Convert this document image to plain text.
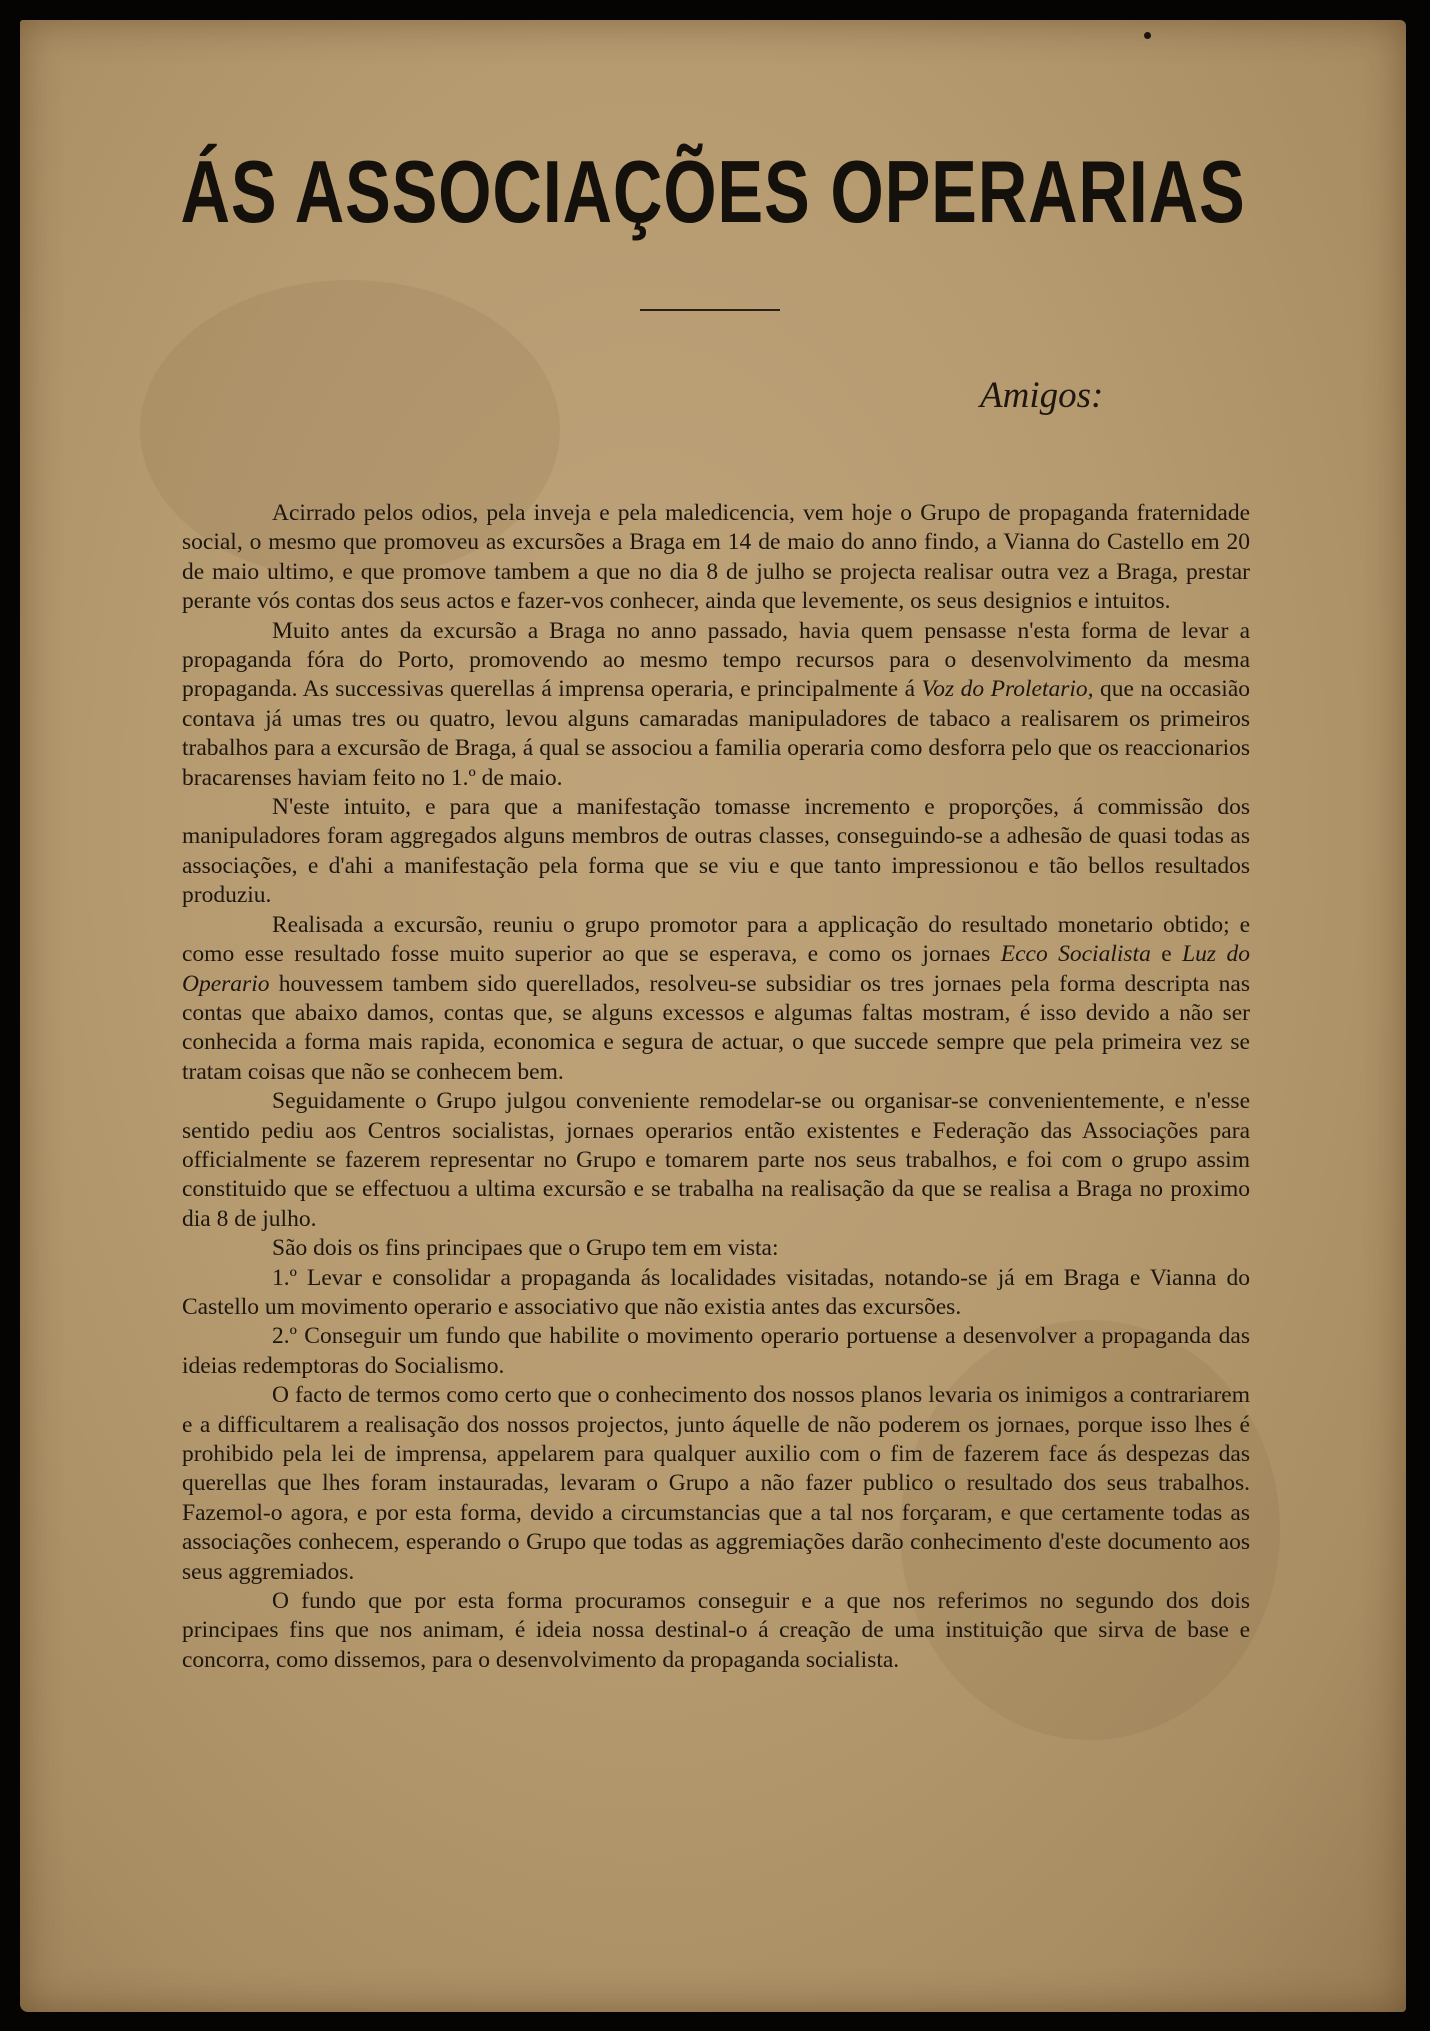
ÁS ASSOCIAÇÕES OPERARIAS

Amigos:

Acirrado pelos odios, pela inveja e pela maledicencia, vem hoje o Grupo de propaganda fraternidade social, o mesmo que promoveu as excursões a Braga em 14 de maio do anno findo, a Vianna do Castello em 20 de maio ultimo, e que promove tambem a que no dia 8 de julho se projecta realisar outra vez a Braga, prestar perante vós contas dos seus actos e fazer-vos conhecer, ainda que levemente, os seus designios e intuitos.

Muito antes da excursão a Braga no anno passado, havia quem pensasse n'esta forma de levar a propaganda fóra do Porto, promovendo ao mesmo tempo recursos para o desenvolvimento da mesma propaganda. As successivas querellas á imprensa operaria, e principalmente á Voz do Proletario, que na occasião contava já umas tres ou quatro, levou alguns camaradas manipuladores de tabaco a realisarem os primeiros trabalhos para a excursão de Braga, á qual se associou a familia operaria como desforra pelo que os reaccionarios bracarenses haviam feito no 1.º de maio.

N'este intuito, e para que a manifestação tomasse incremento e proporções, á commissão dos manipuladores foram aggregados alguns membros de outras classes, conseguindo-se a adhesão de quasi todas as associações, e d'ahi a manifestação pela forma que se viu e que tanto impressionou e tão bellos resultados produziu.

Realisada a excursão, reuniu o grupo promotor para a applicação do resultado monetario obtido; e como esse resultado fosse muito superior ao que se esperava, e como os jornaes Ecco Socialista e Luz do Operario houvessem tambem sido querellados, resolveu-se subsidiar os tres jornaes pela forma descripta nas contas que abaixo damos, contas que, se alguns excessos e algumas faltas mostram, é isso devido a não ser conhecida a forma mais rapida, economica e segura de actuar, o que succede sempre que pela primeira vez se tratam coisas que não se conhecem bem.

Seguidamente o Grupo julgou conveniente remodelar-se ou organisar-se convenientemente, e n'esse sentido pediu aos Centros socialistas, jornaes operarios então existentes e Federação das Associações para officialmente se fazerem representar no Grupo e tomarem parte nos seus trabalhos, e foi com o grupo assim constituido que se effectuou a ultima excursão e se trabalha na realisação da que se realisa a Braga no proximo dia 8 de julho.

São dois os fins principaes que o Grupo tem em vista:

1.º Levar e consolidar a propaganda ás localidades visitadas, notando-se já em Braga e Vianna do Castello um movimento operario e associativo que não existia antes das excursões.

2.º Conseguir um fundo que habilite o movimento operario portuense a desenvolver a propaganda das ideias redemptoras do Socialismo.

O facto de termos como certo que o conhecimento dos nossos planos levaria os inimigos a contrariarem e a difficultarem a realisação dos nossos projectos, junto áquelle de não poderem os jornaes, porque isso lhes é prohibido pela lei de imprensa, appelarem para qualquer auxilio com o fim de fazerem face ás despezas das querellas que lhes foram instauradas, levaram o Grupo a não fazer publico o resultado dos seus trabalhos. Fazemol-o agora, e por esta forma, devido a circumstancias que a tal nos forçaram, e que certamente todas as associações conhecem, esperando o Grupo que todas as aggremiações darão conhecimento d'este documento aos seus aggremiados.

O fundo que por esta forma procuramos conseguir e a que nos referimos no segundo dos dois principaes fins que nos animam, é ideia nossa destinal-o á creação de uma instituição que sirva de base e concorra, como dissemos, para o desenvolvimento da propaganda socialista.
